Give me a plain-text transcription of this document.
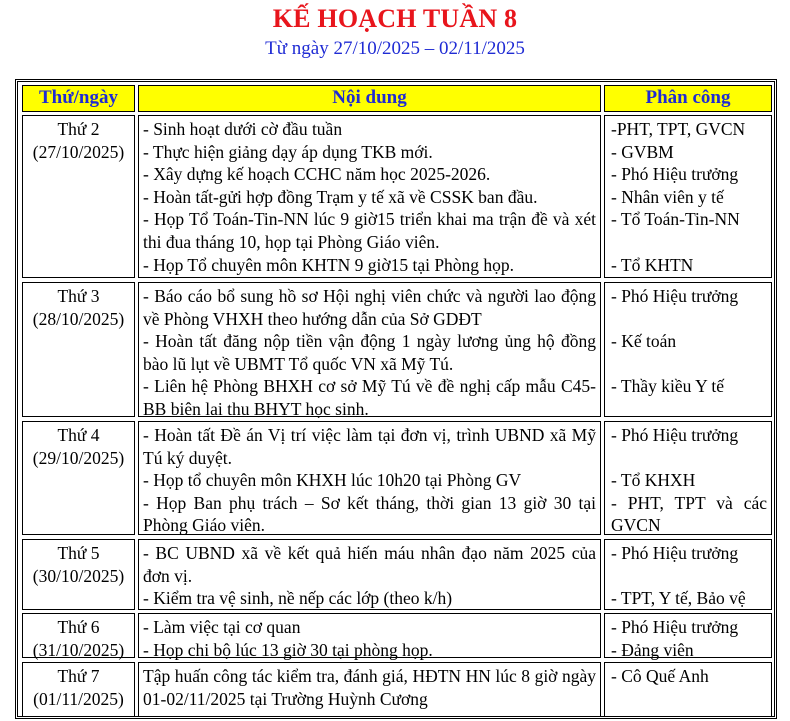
KẾ HOẠCH TUẦN 8
Từ ngày 27/10/2025 – 02/11/2025
Thứ/ngày	Nội dung	Phân công
Thứ 2
(27/10/2025)
- Sinh hoạt dưới cờ đầu tuần
- Thực hiện giảng dạy áp dụng TKB mới.
- Xây dựng kế hoạch CCHC năm học 2025-2026.
- Hoàn tất-gửi hợp đồng Trạm y tế xã về CSSK ban đầu.
- Họp Tổ Toán-Tin-NN lúc 9 giờ15 triển khai ma trận đề và xét thi đua tháng 10, họp tại Phòng Giáo viên.
- Họp Tổ chuyên môn KHTN 9 giờ15 tại Phòng họp.
-PHT, TPT, GVCN
- GVBM
- Phó Hiệu trưởng
- Nhân viên y tế
- Tổ Toán-Tin-NN

- Tổ KHTN
Thứ 3
(28/10/2025)
- Báo cáo bổ sung hồ sơ Hội nghị viên chức và người lao động về Phòng VHXH theo hướng dẫn của Sở GDĐT
- Hoàn tất đăng nộp tiền vận động 1 ngày lương ủng hộ đồng bào lũ lụt về UBMT Tổ quốc VN xã Mỹ Tú.
- Liên hệ Phòng BHXH cơ sở Mỹ Tú về đề nghị cấp mẫu C45-BB biên lai thu BHYT học sinh.
- Phó Hiệu trưởng

- Kế toán

- Thầy kiều Y tế
Thứ 4
(29/10/2025)
- Hoàn tất Đề án Vị trí việc làm tại đơn vị, trình UBND xã Mỹ Tú ký duyệt.
- Họp tổ chuyên môn KHXH lúc 10h20 tại Phòng GV
- Họp Ban phụ trách – Sơ kết tháng, thời gian 13 giờ 30 tại Phòng Giáo viên.
- Phó Hiệu trưởng

- Tổ KHXH
- PHT, TPT và các GVCN
Thứ 5
(30/10/2025)
- BC UBND xã về kết quả hiến máu nhân đạo năm 2025 của đơn vị.
- Kiểm tra vệ sinh, nề nếp các lớp (theo k/h)
- Phó Hiệu trưởng

- TPT, Y tế, Bảo vệ
Thứ 6
(31/10/2025)
- Làm việc tại cơ quan
- Họp chi bộ lúc 13 giờ 30 tại phòng họp.
- Phó Hiệu trưởng
- Đảng viên
Thứ 7
(01/11/2025)
Tập huấn công tác kiểm tra, đánh giá, HĐTN HN lúc 8 giờ ngày 01-02/11/2025 tại Trường Huỳnh Cương
- Cô Quế Anh
